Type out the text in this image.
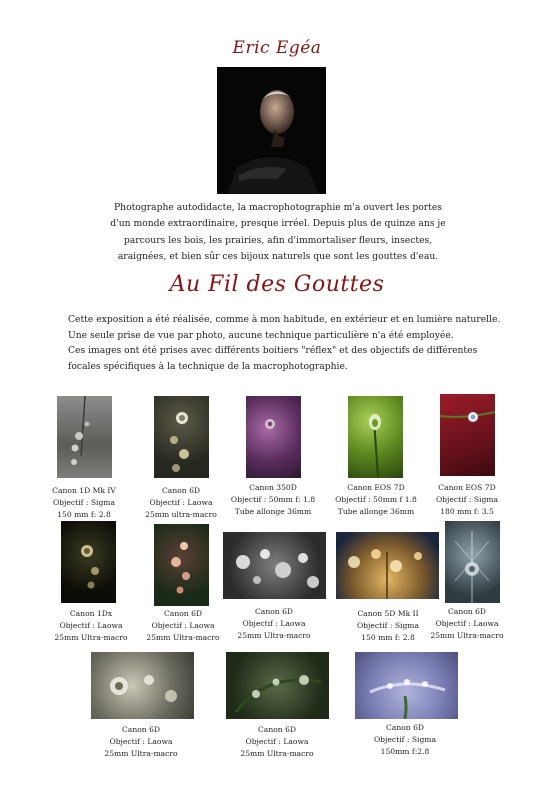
Eric Egéa
Photographe autodidacte, la macrophotographie m'a ouvert les portes d'un monde extraordinaire, presque irréel. Depuis plus de quinze ans je parcours les bois, les prairies, afin d'immortaliser fleurs, insectes, araignées, et bien sûr ces bijoux naturels que sont les gouttes d'eau.
Au Fil des Gouttes

Cette exposition a été réalisée, comme à mon habitude, en extérieur et en lumière naturelle.

Une seule prise de vue par photo, aucune technique particulière n'a été employée.

Ces images ont été prises avec différents boitiers "réflex" et des objectifs de différentes

focales spécifiques à la technique de la macrophotographie.

Canon 1D Mk IV
Objectif : Sigma
150 mm f: 2.8
Canon 6D
Objectif : Laowa
25mm ultra-macro
Canon 350D
Objectif : 50mm f: 1.8
Tube allonge 36mm
Canon EOS 7D
Objectif : 50mm f 1.8
Tube allonge 36mm
Canon EOS 7D
Objectif : Sigma
180 mm f: 3.5
Canon 1Dx
Objectif : Laowa
25mm Ultra-macro
Canon 6D
Objectif : Laowa
25mm Ultra-macro
Canon 6D
Objectif : Laowa
25mm Ultra-macro
Canon 5D Mk II
Objectif : Sigma
150 mm f: 2.8
Canon 6D
Objectif : Laowa
25mm Ultra-macro
Canon 6D
Objectif : Laowa
25mm Ultra-macro
Canon 6D
Objectif : Laowa
25mm Ultra-macro
Canon 6D
Objectif : Sigma
150mm f:2.8
